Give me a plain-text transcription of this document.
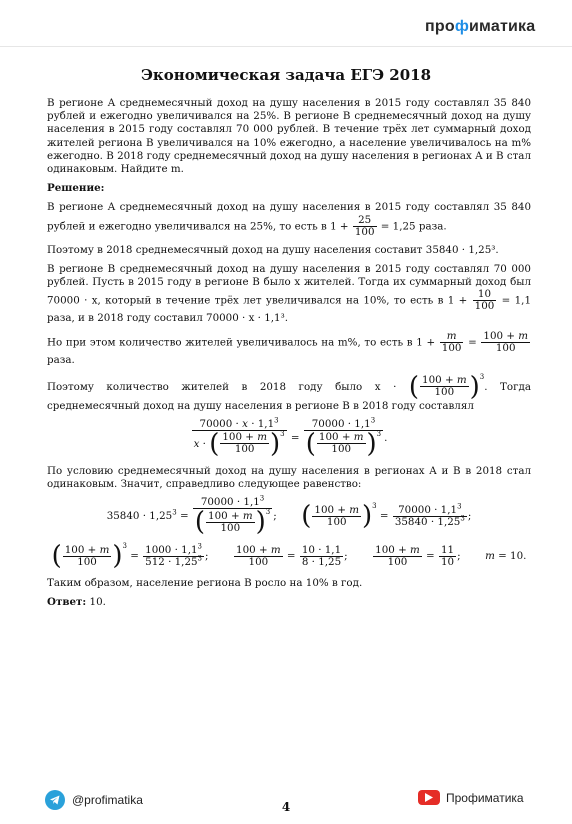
профиматика
Экономическая задача ЕГЭ 2018

В регионе A среднемесячный доход на душу населения в 2015 году составлял 35 840 рублей и ежегодно увеличивался на 25%. В регионе B среднемесячный доход на душу населения в 2015 году составлял 70 000 рублей. В течение трёх лет суммарный доход жителей региона B увеличивался на 10% ежегодно, а население увеличивалось на m% ежегодно. В 2018 году среднемесячный доход на душу населения в регионах A и B стал одинаковым. Найдите m.

Решение:

В регионе A среднемесячный доход на душу населения в 2015 году составлял 35 840 рублей и ежегодно увеличивался на 25%, то есть в $1 + \frac{25}{100} = 1,25$ раза.

Поэтому в 2018 среднемесячный доход на душу населения составит 35840 · 1,25³.

В регионе B среднемесячный доход на душу населения в 2015 году составлял 70 000 рублей. Пусть в 2015 году в регионе B было x жителей. Тогда их суммарный доход был 70000 · x, который в течение трёх лет увеличивался на 10%, то есть в $1 + \frac{10}{100} = 1,1$ раза, и в 2018 году составил 70000 · x · 1,1³.

Но при этом количество жителей увеличивалось на m%, то есть в $1 + \frac{m}{100} = \frac{100 + m}{100}$
раза.

Поэтому количество жителей в 2018 году было x · ( 100 + m
100 )$^3$
. Тогда среднемесячный доход на душу населения в регионе B в 2018 году составлял

$70000 \cdot x \cdot 1,1^3$
x · ( 100 + m
100 )$^3 = 70000 \cdot 1,1^3$
( 100 + m
100 )$^3$ .

По условию среднемесячный доход на душу населения в регионах A и B в 2018 стал одинаковым. Значит, справедливо следующее равенство:

$35840 \cdot 1,25^3 = 70000 \cdot 1,1^3$
( 100 + m
100 )$^3$ ; ( 100 + m
100 )$^3$
= $\frac{70000 \cdot 1,1^3}{35840 \cdot 1,25^3}$ ;
( 100 + m
100 )$^3$
= $\frac{1000 \cdot 1,1^3}{512 \cdot 1,25^3}$ ; $\frac{100 + m}{100} = \frac{10 \cdot 1,1}{8 \cdot 1,25}$ ; $\frac{100 + m}{100} = \frac{11}{10}$ ;  m = 10.

Таким образом, население региона B росло на 10% в год.

Ответ: 10.

@profimatika	4
Профиматика
